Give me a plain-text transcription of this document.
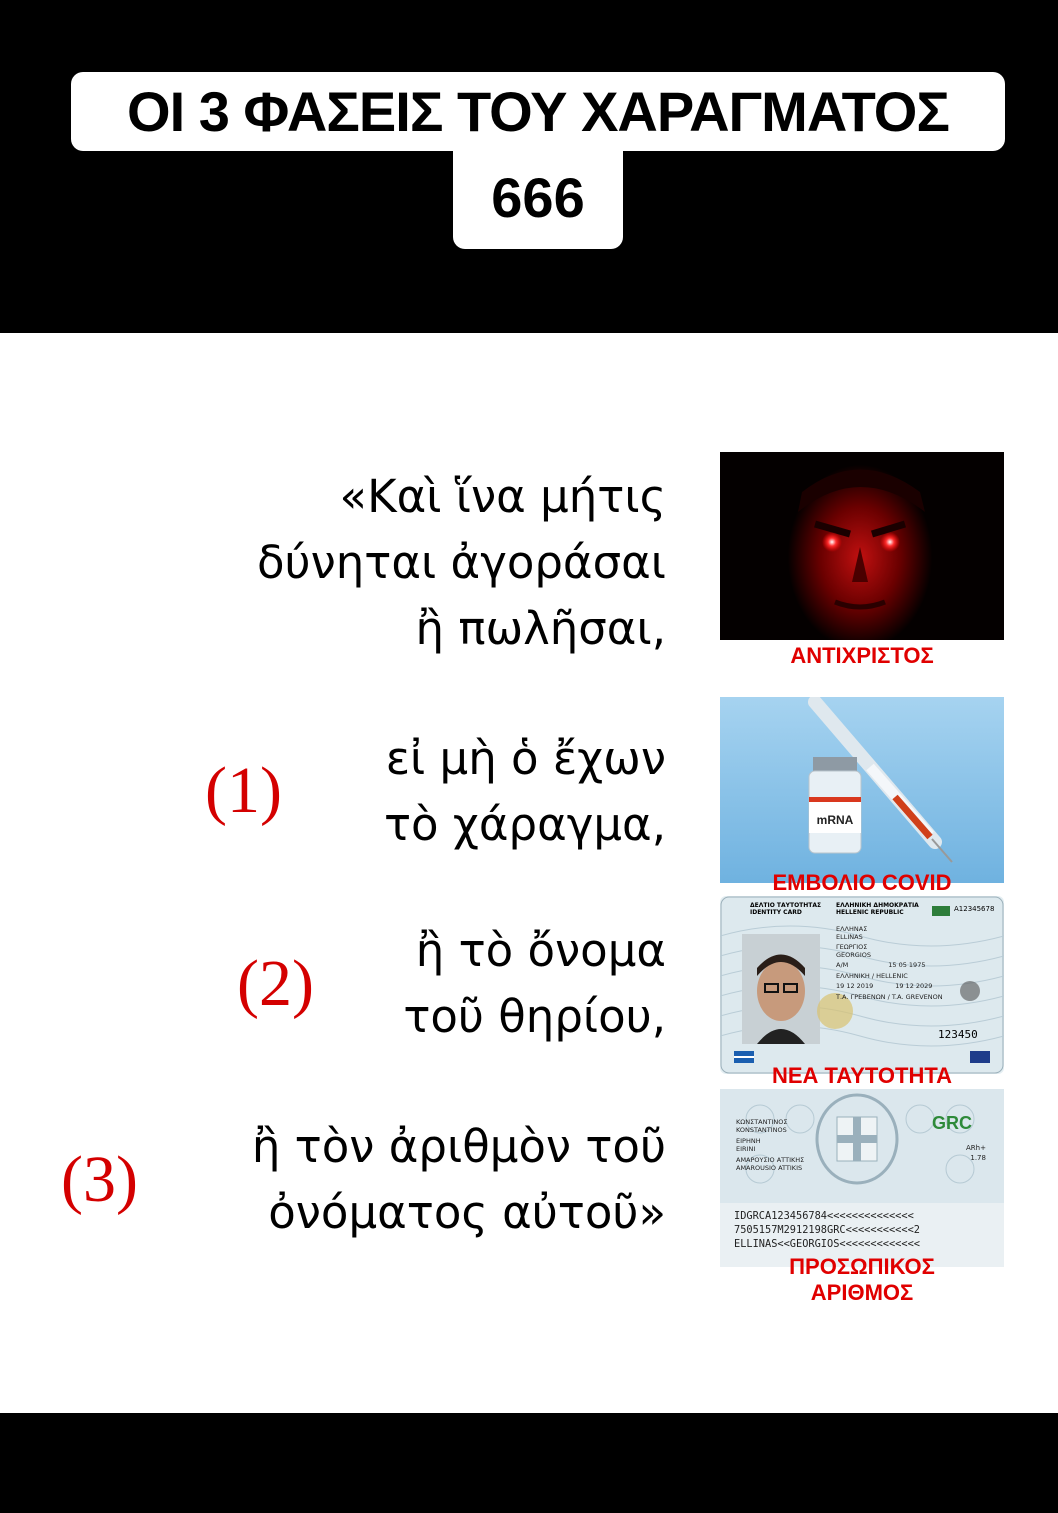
666
ΟΙ 3 ΦΑΣΕΙΣ ΤΟΥ ΧΑΡΑΓΜΑΤΟΣ
«Καὶ ἵνα μήτις
δύνηται ἀγοράσαι
ἢ πωλῆσαι,
(1) εἰ μὴ ὁ ἔχων
τὸ χάραγμα,
(2) ἢ τὸ ὄνομα
τοῦ θηρίου,
(3)	ἢ τὸν ἀριθμὸν τοῦ
ὀνόματος αὐτοῦ»
ΑΝΤΙΧΡΙΣΤΟΣ
mRNA
ΕΜΒΟΛΙΟ COVID
ΔΕΛΤΙΟ ΤΑΥΤΟΤΗΤΑΣ IDENTITY CARD
ΕΛΛΗΝΙΚΗ ΔΗΜΟΚΡΑΤΙΑ HELLENIC REPUBLIC	A12345678
ΕΛΛΗΝΑΣ
ELLINAS
ΓΕΩΡΓΙΟΣ
GEORGIOS
Α/Μ	15 05 1975
ΕΛΛΗΝΙΚΗ / HELLENIC
19 12 2019	19 12 2029
Τ.Α. ΓΡΕΒΕΝΩΝ / T.A. GREVENON
123450
ΝΕΑ ΤΑΥΤΟΤΗΤΑ
GRC
ARh+
1.78
ΚΩΝΣΤΑΝΤΙΝΟΣ
KONSTANTINOS
ΕΙΡΗΝΗ
EIRINI
ΑΜΑΡΟΥΣΙΟ ΑΤΤΙΚΗΣ
AMAROUSIO ATTIKIS
IDGRCA123456784<<<<<<<<<<<<<<
7505157M2912198GRC<<<<<<<<<<<2
ELLINAS<<GEORGIOS<<<<<<<<<<<<<
ΠΡΟΣΩΠΙΚΟΣ
ΑΡΙΘΜΟΣ
